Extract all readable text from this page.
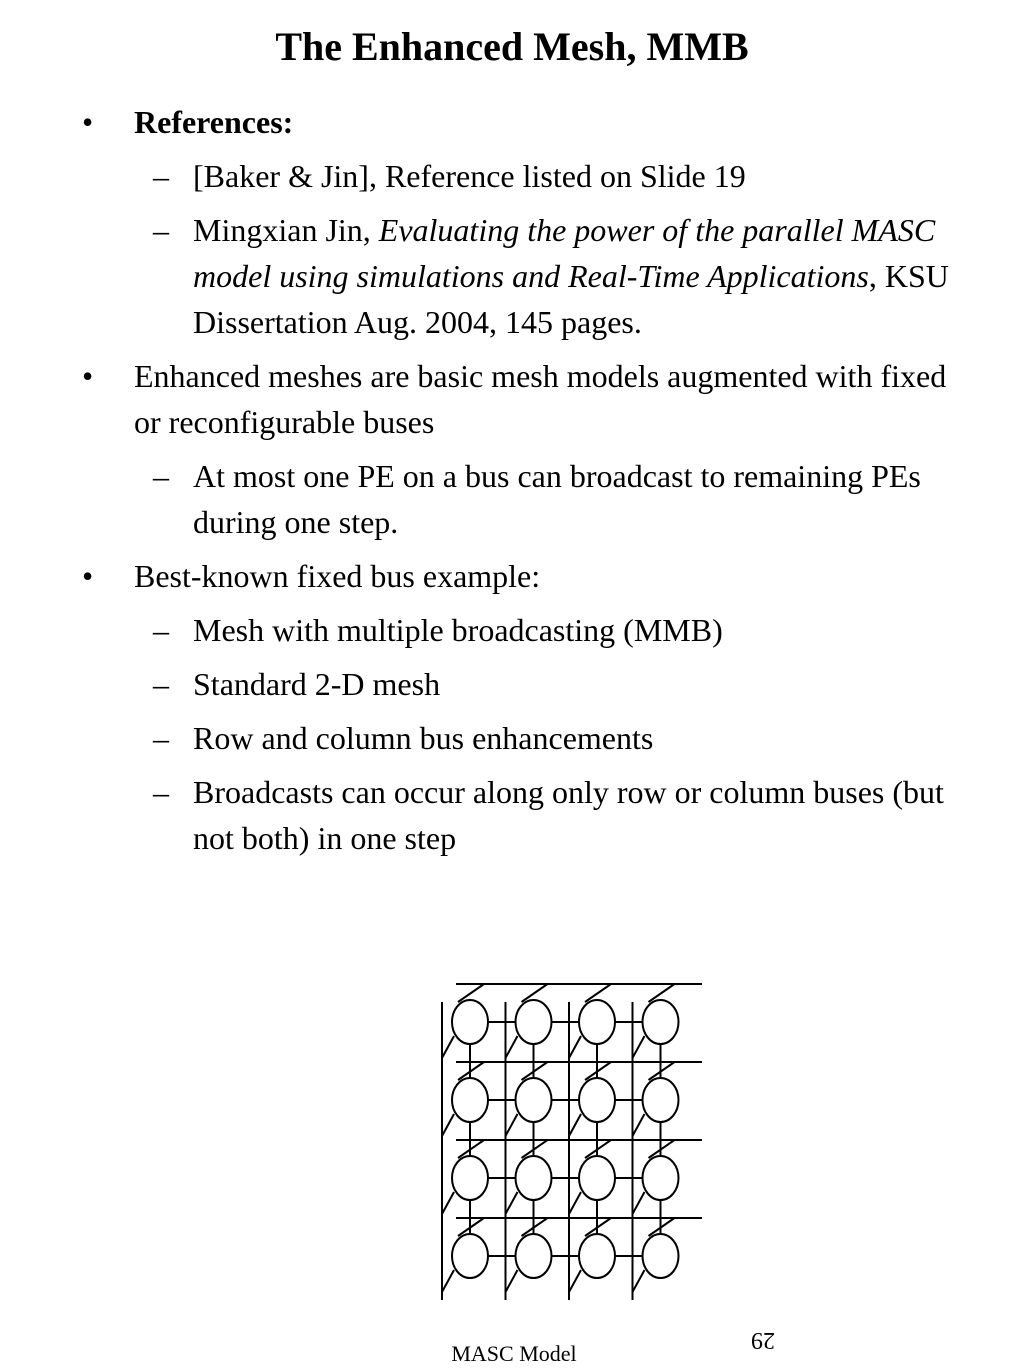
The Enhanced Mesh, MMB
• References:
– [Baker & Jin], Reference listed on Slide 19
– Mingxian Jin, Evaluating the power of the parallel MASC model using simulations and Real-Time Applications, KSU Dissertation Aug. 2004, 145 pages.
• Enhanced meshes are basic mesh models augmented with fixed or reconfigurable buses
– At most one PE on a bus can broadcast to remaining PEs during one step.
• Best-known fixed bus example:
– Mesh with multiple broadcasting (MMB)
– Standard 2-D mesh
– Row and column bus enhancements
– Broadcasts can occur along only row or column buses (but not both) in one step
MASC Model
29
